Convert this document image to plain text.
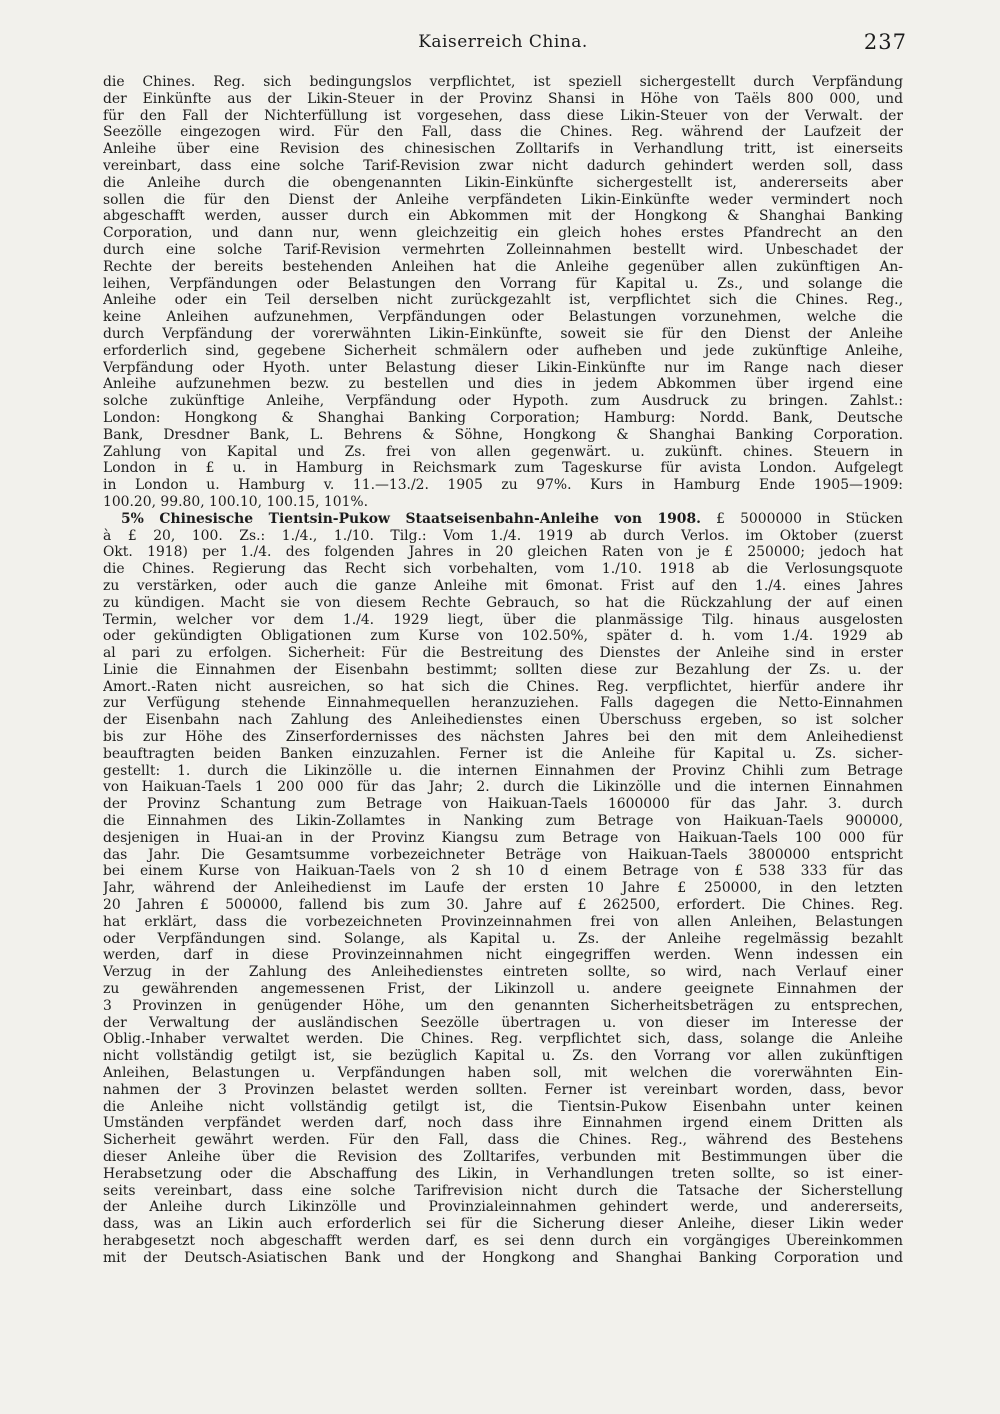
Kaiserreich China.	237
die Chines. Reg. sich bedingungslos verpflichtet, ist speziell sichergestellt durch Verpfändung
der Einkünfte aus der Likin-Steuer in der Provinz Shansi in Höhe von Taëls 800 000, und
für den Fall der Nichterfüllung ist vorgesehen, dass diese Likin-Steuer von der Verwalt. der
Seezölle eingezogen wird. Für den Fall, dass die Chines. Reg. während der Laufzeit der
Anleihe über eine Revision des chinesischen Zolltarifs in Verhandlung tritt, ist einerseits
vereinbart, dass eine solche Tarif-Revision zwar nicht dadurch gehindert werden soll, dass
die Anleihe durch die obengenannten Likin-Einkünfte sichergestellt ist, andererseits aber
sollen die für den Dienst der Anleihe verpfändeten Likin-Einkünfte weder vermindert noch
abgeschafft werden, ausser durch ein Abkommen mit der Hongkong & Shanghai Banking
Corporation, und dann nur, wenn gleichzeitig ein gleich hohes erstes Pfandrecht an den
durch eine solche Tarif-Revision vermehrten Zolleinnahmen bestellt wird. Unbeschadet der
Rechte der bereits bestehenden Anleihen hat die Anleihe gegenüber allen zukünftigen An-
leihen, Verpfändungen oder Belastungen den Vorrang für Kapital u. Zs., und solange die
Anleihe oder ein Teil derselben nicht zurückgezahlt ist, verpflichtet sich die Chines. Reg.,
keine Anleihen aufzunehmen, Verpfändungen oder Belastungen vorzunehmen, welche die
durch Verpfändung der vorerwähnten Likin-Einkünfte, soweit sie für den Dienst der Anleihe
erforderlich sind, gegebene Sicherheit schmälern oder aufheben und jede zukünftige Anleihe,
Verpfändung oder Hyoth. unter Belastung dieser Likin-Einkünfte nur im Range nach dieser
Anleihe aufzunehmen bezw. zu bestellen und dies in jedem Abkommen über irgend eine
solche zukünftige Anleihe, Verpfändung oder Hypoth. zum Ausdruck zu bringen. Zahlst.:
London: Hongkong & Shanghai Banking Corporation; Hamburg: Nordd. Bank, Deutsche
Bank, Dresdner Bank, L. Behrens & Söhne, Hongkong & Shanghai Banking Corporation.
Zahlung von Kapital und Zs. frei von allen gegenwärt. u. zukünft. chines. Steuern in
London in £ u. in Hamburg in Reichsmark zum Tageskurse für avista London. Aufgelegt
in London u. Hamburg v. 11.—13./2. 1905 zu 97%. Kurs in Hamburg Ende 1905—1909:
100.20, 99.80, 100.10, 100.15, 101%.
5% Chinesische Tientsin-Pukow Staatseisenbahn-Anleihe von 1908. £ 5000000 in Stücken
à £ 20, 100. Zs.: 1./4., 1./10. Tilg.: Vom 1./4. 1919 ab durch Verlos. im Oktober (zuerst
Okt. 1918) per 1./4. des folgenden Jahres in 20 gleichen Raten von je £ 250000; jedoch hat
die Chines. Regierung das Recht sich vorbehalten, vom 1./10. 1918 ab die Verlosungsquote
zu verstärken, oder auch die ganze Anleihe mit 6monat. Frist auf den 1./4. eines Jahres
zu kündigen. Macht sie von diesem Rechte Gebrauch, so hat die Rückzahlung der auf einen
Termin, welcher vor dem 1./4. 1929 liegt, über die planmässige Tilg. hinaus ausgelosten
oder gekündigten Obligationen zum Kurse von 102.50%, später d. h. vom 1./4. 1929 ab
al pari zu erfolgen. Sicherheit: Für die Bestreitung des Dienstes der Anleihe sind in erster
Linie die Einnahmen der Eisenbahn bestimmt; sollten diese zur Bezahlung der Zs. u. der
Amort.-Raten nicht ausreichen, so hat sich die Chines. Reg. verpflichtet, hierfür andere ihr
zur Verfügung stehende Einnahmequellen heranzuziehen. Falls dagegen die Netto-Einnahmen
der Eisenbahn nach Zahlung des Anleihedienstes einen Überschuss ergeben, so ist solcher
bis zur Höhe des Zinserfordernisses des nächsten Jahres bei den mit dem Anleihedienst
beauftragten beiden Banken einzuzahlen. Ferner ist die Anleihe für Kapital u. Zs. sicher-
gestellt: 1. durch die Likinzölle u. die internen Einnahmen der Provinz Chihli zum Betrage
von Haikuan-Taels 1 200 000 für das Jahr; 2. durch die Likinzölle und die internen Einnahmen
der Provinz Schantung zum Betrage von Haikuan-Taels 1600000 für das Jahr. 3. durch
die Einnahmen des Likin-Zollamtes in Nanking zum Betrage von Haikuan-Taels 900000,
desjenigen in Huai-an in der Provinz Kiangsu zum Betrage von Haikuan-Taels 100 000 für
das Jahr. Die Gesamtsumme vorbezeichneter Beträge von Haikuan-Taels 3800000 entspricht
bei einem Kurse von Haikuan-Taels von 2 sh 10 d einem Betrage von £ 538 333 für das
Jahr, während der Anleihedienst im Laufe der ersten 10 Jahre £ 250000, in den letzten
20 Jahren £ 500000, fallend bis zum 30. Jahre auf £ 262500, erfordert. Die Chines. Reg.
hat erklärt, dass die vorbezeichneten Provinzeinnahmen frei von allen Anleihen, Belastungen
oder Verpfändungen sind. Solange, als Kapital u. Zs. der Anleihe regelmässig bezahlt
werden, darf in diese Provinzeinnahmen nicht eingegriffen werden. Wenn indessen ein
Verzug in der Zahlung des Anleihedienstes eintreten sollte, so wird, nach Verlauf einer
zu gewährenden angemessenen Frist, der Likinzoll u. andere geeignete Einnahmen der
3 Provinzen in genügender Höhe, um den genannten Sicherheitsbeträgen zu entsprechen,
der Verwaltung der ausländischen Seezölle übertragen u. von dieser im Interesse der
Oblig.-Inhaber verwaltet werden. Die Chines. Reg. verpflichtet sich, dass, solange die Anleihe
nicht vollständig getilgt ist, sie bezüglich Kapital u. Zs. den Vorrang vor allen zukünftigen
Anleihen, Belastungen u. Verpfändungen haben soll, mit welchen die vorerwähnten Ein-
nahmen der 3 Provinzen belastet werden sollten. Ferner ist vereinbart worden, dass, bevor
die Anleihe nicht vollständig getilgt ist, die Tientsin-Pukow Eisenbahn unter keinen
Umständen verpfändet werden darf, noch dass ihre Einnahmen irgend einem Dritten als
Sicherheit gewährt werden. Für den Fall, dass die Chines. Reg., während des Bestehens
dieser Anleihe über die Revision des Zolltarifes, verbunden mit Bestimmungen über die
Herabsetzung oder die Abschaffung des Likin, in Verhandlungen treten sollte, so ist einer-
seits vereinbart, dass eine solche Tarifrevision nicht durch die Tatsache der Sicherstellung
der Anleihe durch Likinzölle und Provinzialeinnahmen gehindert werde, und andererseits,
dass, was an Likin auch erforderlich sei für die Sicherung dieser Anleihe, dieser Likin weder
herabgesetzt noch abgeschafft werden darf, es sei denn durch ein vorgängiges Übereinkommen
mit der Deutsch-Asiatischen Bank und der Hongkong and Shanghai Banking Corporation und
